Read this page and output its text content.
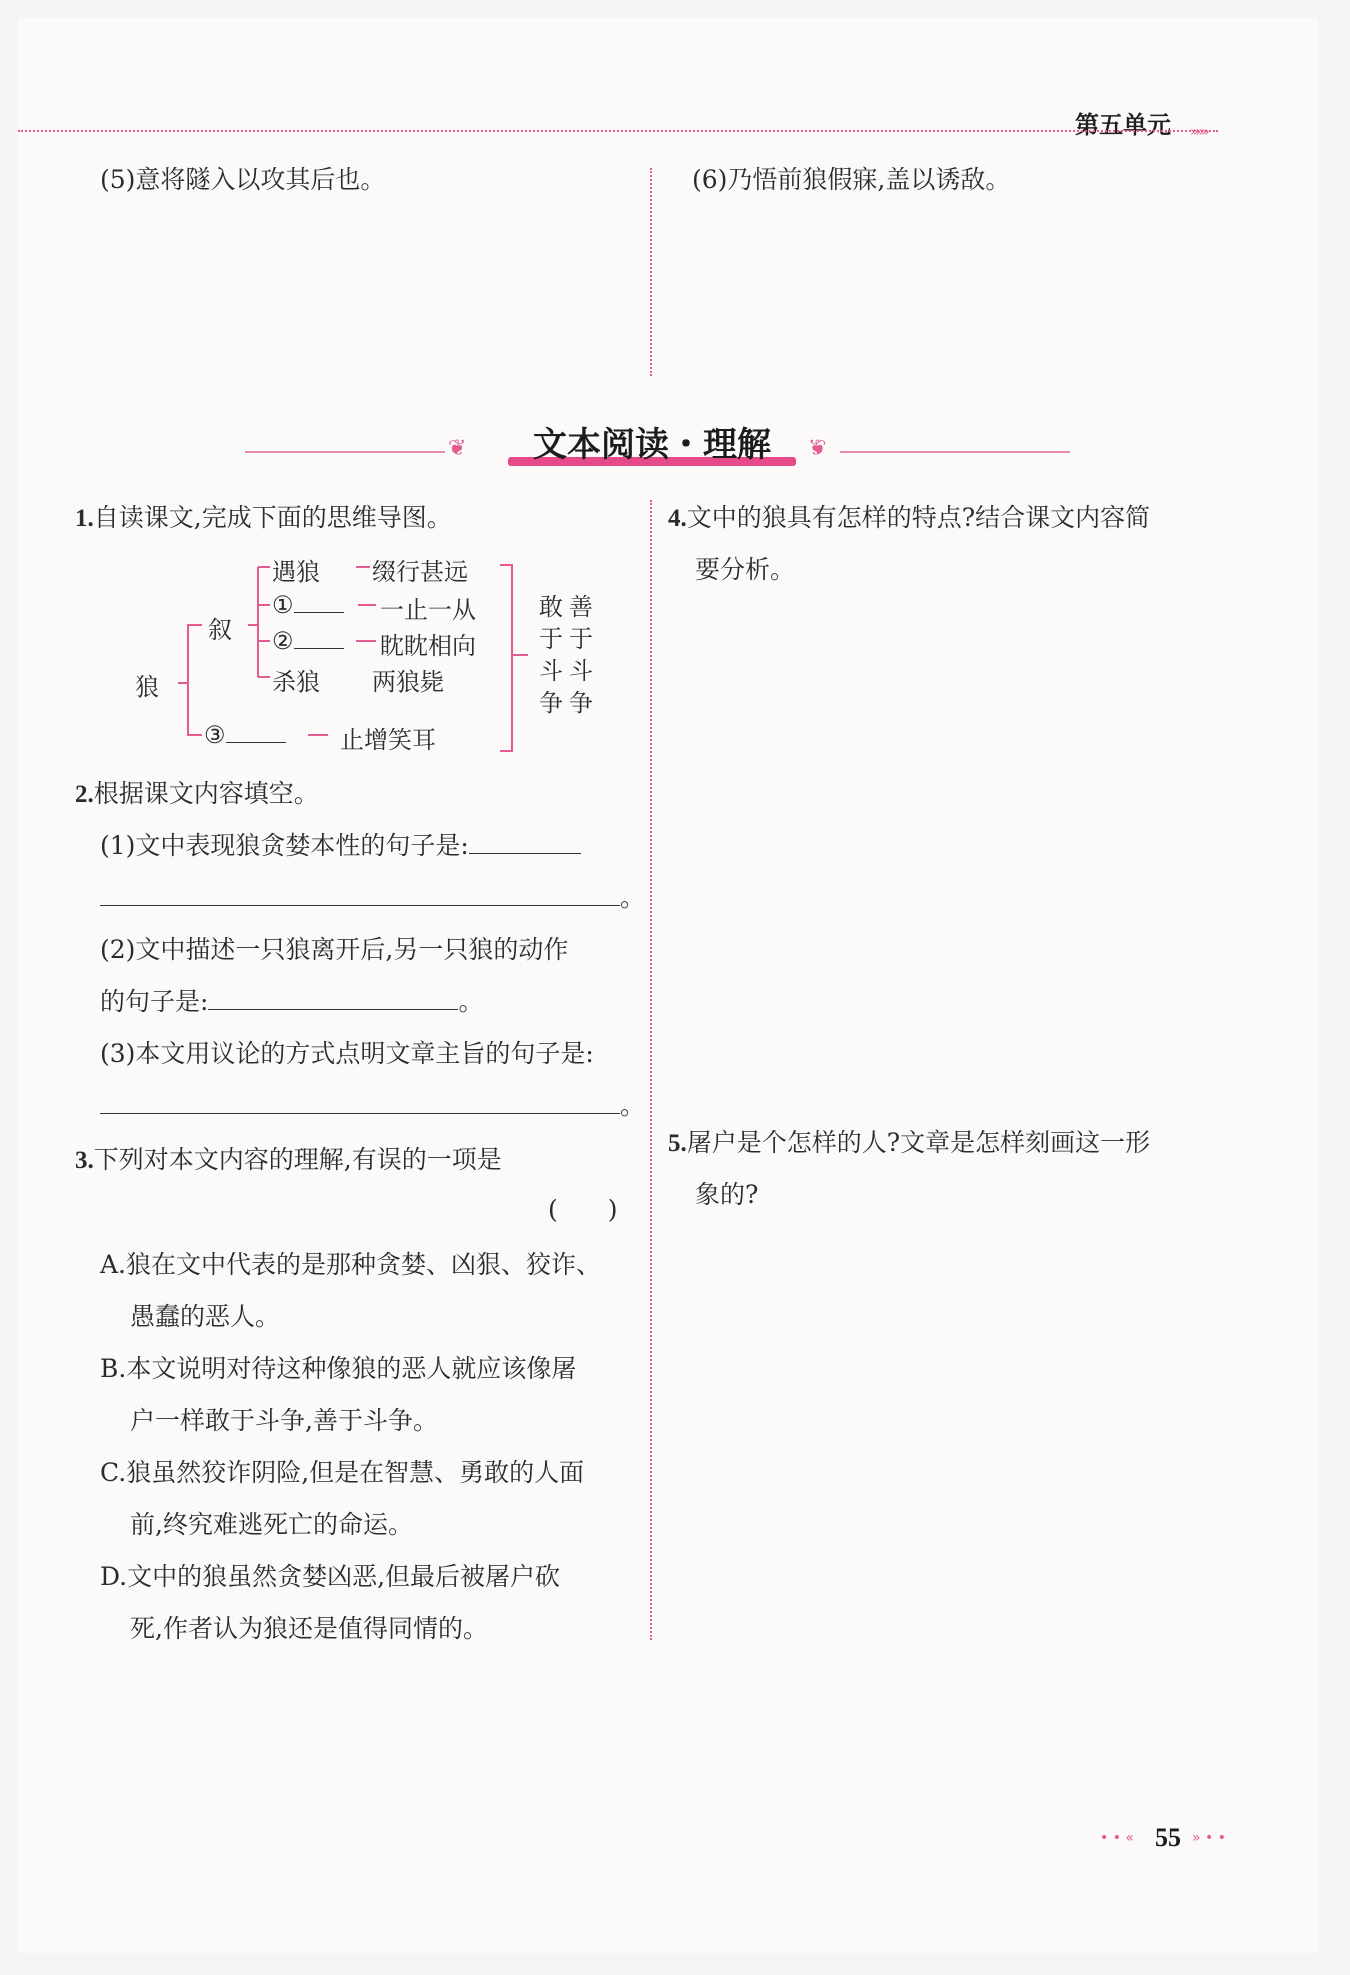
第五单元 »»»
(5)意将隧入以攻其后也。	(6)乃悟前狼假寐,盖以诱敌。
❦	文本阅读・理解	❦
1.自读课文,完成下面的思维导图。
狼
叙
遇狼 缀行甚远
①	一止一从
②	眈眈相向
杀狼 两狼毙
③	止增笑耳
敢于斗争
善于斗争
2.根据课文内容填空。
(1)文中表现狼贪婪本性的句子是:
。
(2)文中描述一只狼离开后,另一只狼的动作
的句子是:	。
(3)本文用议论的方式点明文章主旨的句子是:
。
3.下列对本文内容的理解,有误的一项是
(　　)
A.狼在文中代表的是那种贪婪、凶狠、狡诈、
愚蠢的恶人。
B.本文说明对待这种像狼的恶人就应该像屠
户一样敢于斗争,善于斗争。
C.狼虽然狡诈阴险,但是在智慧、勇敢的人面
前,终究难逃死亡的命运。
D.文中的狼虽然贪婪凶恶,但最后被屠户砍
死,作者认为狼还是值得同情的。
4.文中的狼具有怎样的特点?结合课文内容简
要分析。
5.屠户是个怎样的人?文章是怎样刻画这一形
象的?
• • « 55 » • •
